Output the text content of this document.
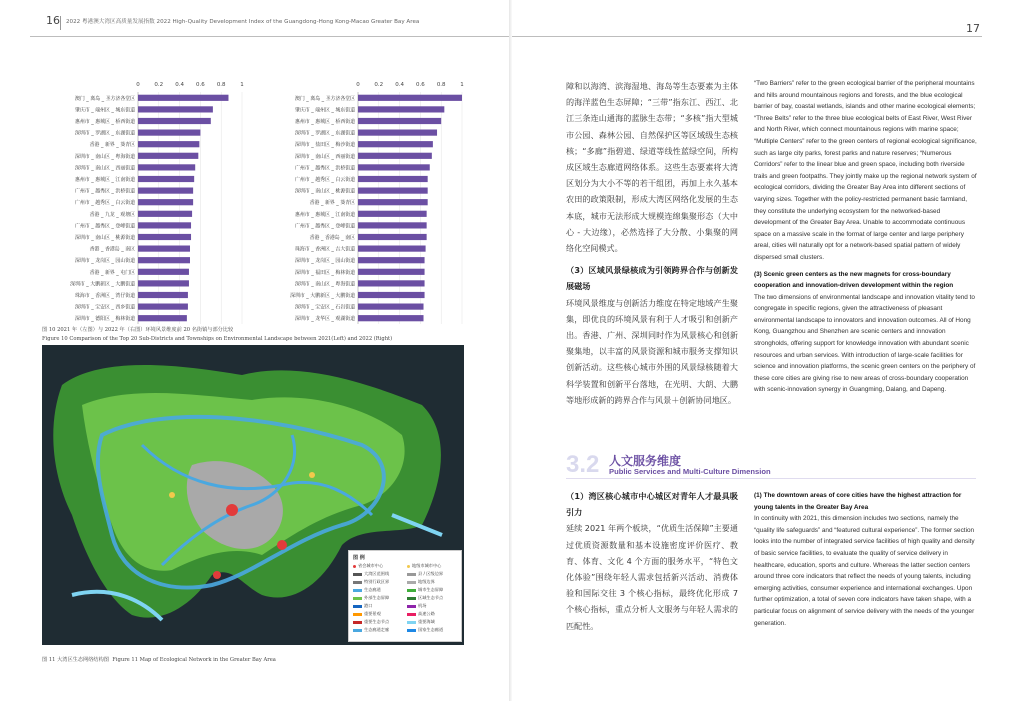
16 2022 粤港澳大湾区高质量发展指数 2022 High-Quality Development Index of the Guangdong-Hong Kong-Macao Greater Bay Area
0	0.2 0.4 0.6 0.8	1
澳门 _ 离岛 _ 圣方济各堂区
肇庆市 _ 端州区 _ 城东街道
惠州市 _ 惠城区 _ 桥西街道
深圳市 _ 罗湖区 _ 东湖街道
香港 _ 新界 _ 葵青区
深圳市 _ 南山区 _ 粤海街道
深圳市 _ 南山区 _ 西丽街道
惠州市 _ 惠城区 _ 江南街道
广州市 _ 越秀区 _ 洪桥街道
广州市 _ 越秀区 _ 白云街道
香港 _ 九龙 _ 观塘区
广州市 _ 越秀区 _ 登峰街道
深圳市 _ 南山区 _ 桃源街道
香港 _ 香港岛 _ 南区
深圳市 _ 龙岗区 _ 园山街道
香港 _ 新界 _ 屯门区
深圳市 _ 大鹏新区 _ 大鹏街道
珠海市 _ 香洲区 _ 湾仔街道
深圳市 _ 宝安区 _ 西乡街道
深圳市 _ 德阳区 _ 梅林街道
0	0.2 0.4 0.6 0.8	1
澳门 _ 离岛 _ 圣方济各堂区
肇庆市 _ 端州区 _ 城东街道
惠州市 _ 惠城区 _ 桥西街道
深圳市 _ 罗湖区 _ 东湖街道
深圳市 _ 盐田区 _ 梅沙街道
深圳市 _ 南山区 _ 西丽街道
广州市 _ 越秀区 _ 洪桥街道
广州市 _ 越秀区 _ 白云街道
深圳市 _ 南山区 _ 桃源街道
香港 _ 新界 _ 葵青区
惠州市 _ 惠城区 _ 江南街道
广州市 _ 越秀区 _ 登峰街道
香港 _ 香港岛 _ 南区
珠海市 _ 香洲区 _ 吉大街道
深圳市 _ 龙岗区 _ 园山街道
深圳市 _ 福田区 _ 梅林街道
深圳市 _ 南山区 _ 粤海街道
深圳市 _ 大鹏新区 _ 大鹏街道
深圳市 _ 宝安区 _ 石岩街道
深圳市 _ 龙华区 _ 观湖街道
图 10 2021 年（左图）与 2022 年（右图）环境风景维度前 20 名街镇与部分比较
Figure 10 Comparison of the Top 20 Sub-Districts and Townships on Environmental Landscape between 2021(Left) and 2022 (Right)
图 例
省会城市中心	地级市城市中心
大湾区范围线	县 / 区级边界
特别行政区界	地级边界
生态廊道	城市生态屏障
外部生态屏障	区域生态节点
港口	机场
重要景观	高速公路
重要生态节点	重要海域
生态廊道走廊	国家生态廊道
图 11 大湾区生态网络结构图 Figure 11 Map of Ecological Network in the Greater Bay Area
17

障和以海湾、滨海湿地、海岛等生态要素为主体的海洋蓝色生态屏障；“三带”指东江、西江、北江三条连山通海的蓝脉生态带；“多核”指大型城市公园、森林公园、自然保护区等区域级生态核核；“多廊”指碧道、绿道等线性蓝绿空间，所构成区域生态廊道网络体系。这些生态要素将大湾区划分为大小不等的若干组团，再加上永久基本农田的政策限制，形成大湾区网络化发展的生态本底，城市无法形成大规模连绵集聚形态（大中心 - 大边缘），必然选择了大分散、小集聚的网络化空间模式。

（3）区域风景绿核成为引领跨界合作与创新发展磁场

环境风景维度与创新活力维度在特定地域产生聚集，即优良的环境风景有利于人才吸引和创新产出。香港、广州、深圳同时作为风景核心和创新聚集地，以丰富的风景资源和城市服务支撑知识创新活动。这些核心城市外围的风景绿核随着大科学装置和创新平台落地，在光明、大朗、大鹏等地形成新的跨界合作与风景＋创新协同地区。

“Two Barriers” refer to the green ecological barrier of the peripheral mountains and hills around mountainous regions and forests, and the blue ecological barrier of bay, coastal wetlands, islands and other marine ecological elements; “Three Belts” refer to the three blue ecological belts of East River, West River and North River, which connect mountainous regions with marine space; “Multiple Centers” refer to the green centers of regional ecological significance, such as large city parks, forest parks and nature reserves; “Numerous Corridors” refer to the linear blue and green space, including both riverside trails and green footpaths. They jointly make up the regional network system of ecological corridors, dividing the Greater Bay Area into different sections of varying sizes. Together with the policy-restricted permanent basic farmland, they constitute the underlying ecosystem for the networked-based development of the Greater Bay Area. Unable to accommodate continuous space on a massive scale in the format of large center and large periphery areal, cities will naturally opt for a network-based spatial pattern of widely dispersed small clusters.

(3) Scenic green centers as the new magnets for cross-boundary cooperation and innovation-driven development within the region

The two dimensions of environmental landscape and innovation vitality tend to congregate in specific regions, given the attractiveness of pleasant environmental landscape to innovators and innovation outcomes. All of Hong Kong, Guangzhou and Shenzhen are scenic centers and innovation strongholds, offering support for knowledge innovation with abundant scenic resources and urban services. With introduction of large-scale facilities for science and innovation platforms, the scenic green centers on the periphery of these core cities are giving rise to new areas of cross-boundary cooperation with scenic-innovation synergy in Guangming, Dalang, and Dapeng.

3.2 人文服务维度
Public Services and Multi-Culture Dimension

（1）湾区核心城市中心城区对青年人才最具吸引力

延续 2021 年两个板块，“优质生活保障”主要通过优质资源数量和基本设施密度评价医疗、教育、体育、文化 4 个方面的服务水平，“特色文化体验”围绕年轻人需求包括新兴活动、消费体验和国际交往 3 个核心指标，最终优化形成 7 个核心指标，重点分析人文服务与年轻人需求的匹配性。

(1) The downtown areas of core cities have the highest attraction for young talents in the Greater Bay Area

In continuity with 2021, this dimension includes two sections, namely the “quality life safeguards” and “featured cultural experience”. The former section looks into the number of integrated service facilities of high quality and density of basic service facilities, to evaluate the quality of service delivery in healthcare, education, sports and culture. Whereas the latter section centers around three core indicators that reflect the needs of young talents, including emerging activities, consumer experience and international exchanges. Upon further optimization, a total of seven core indicators have taken shape, with a particular focus on alignment of service delivery with the needs of the younger generation.
